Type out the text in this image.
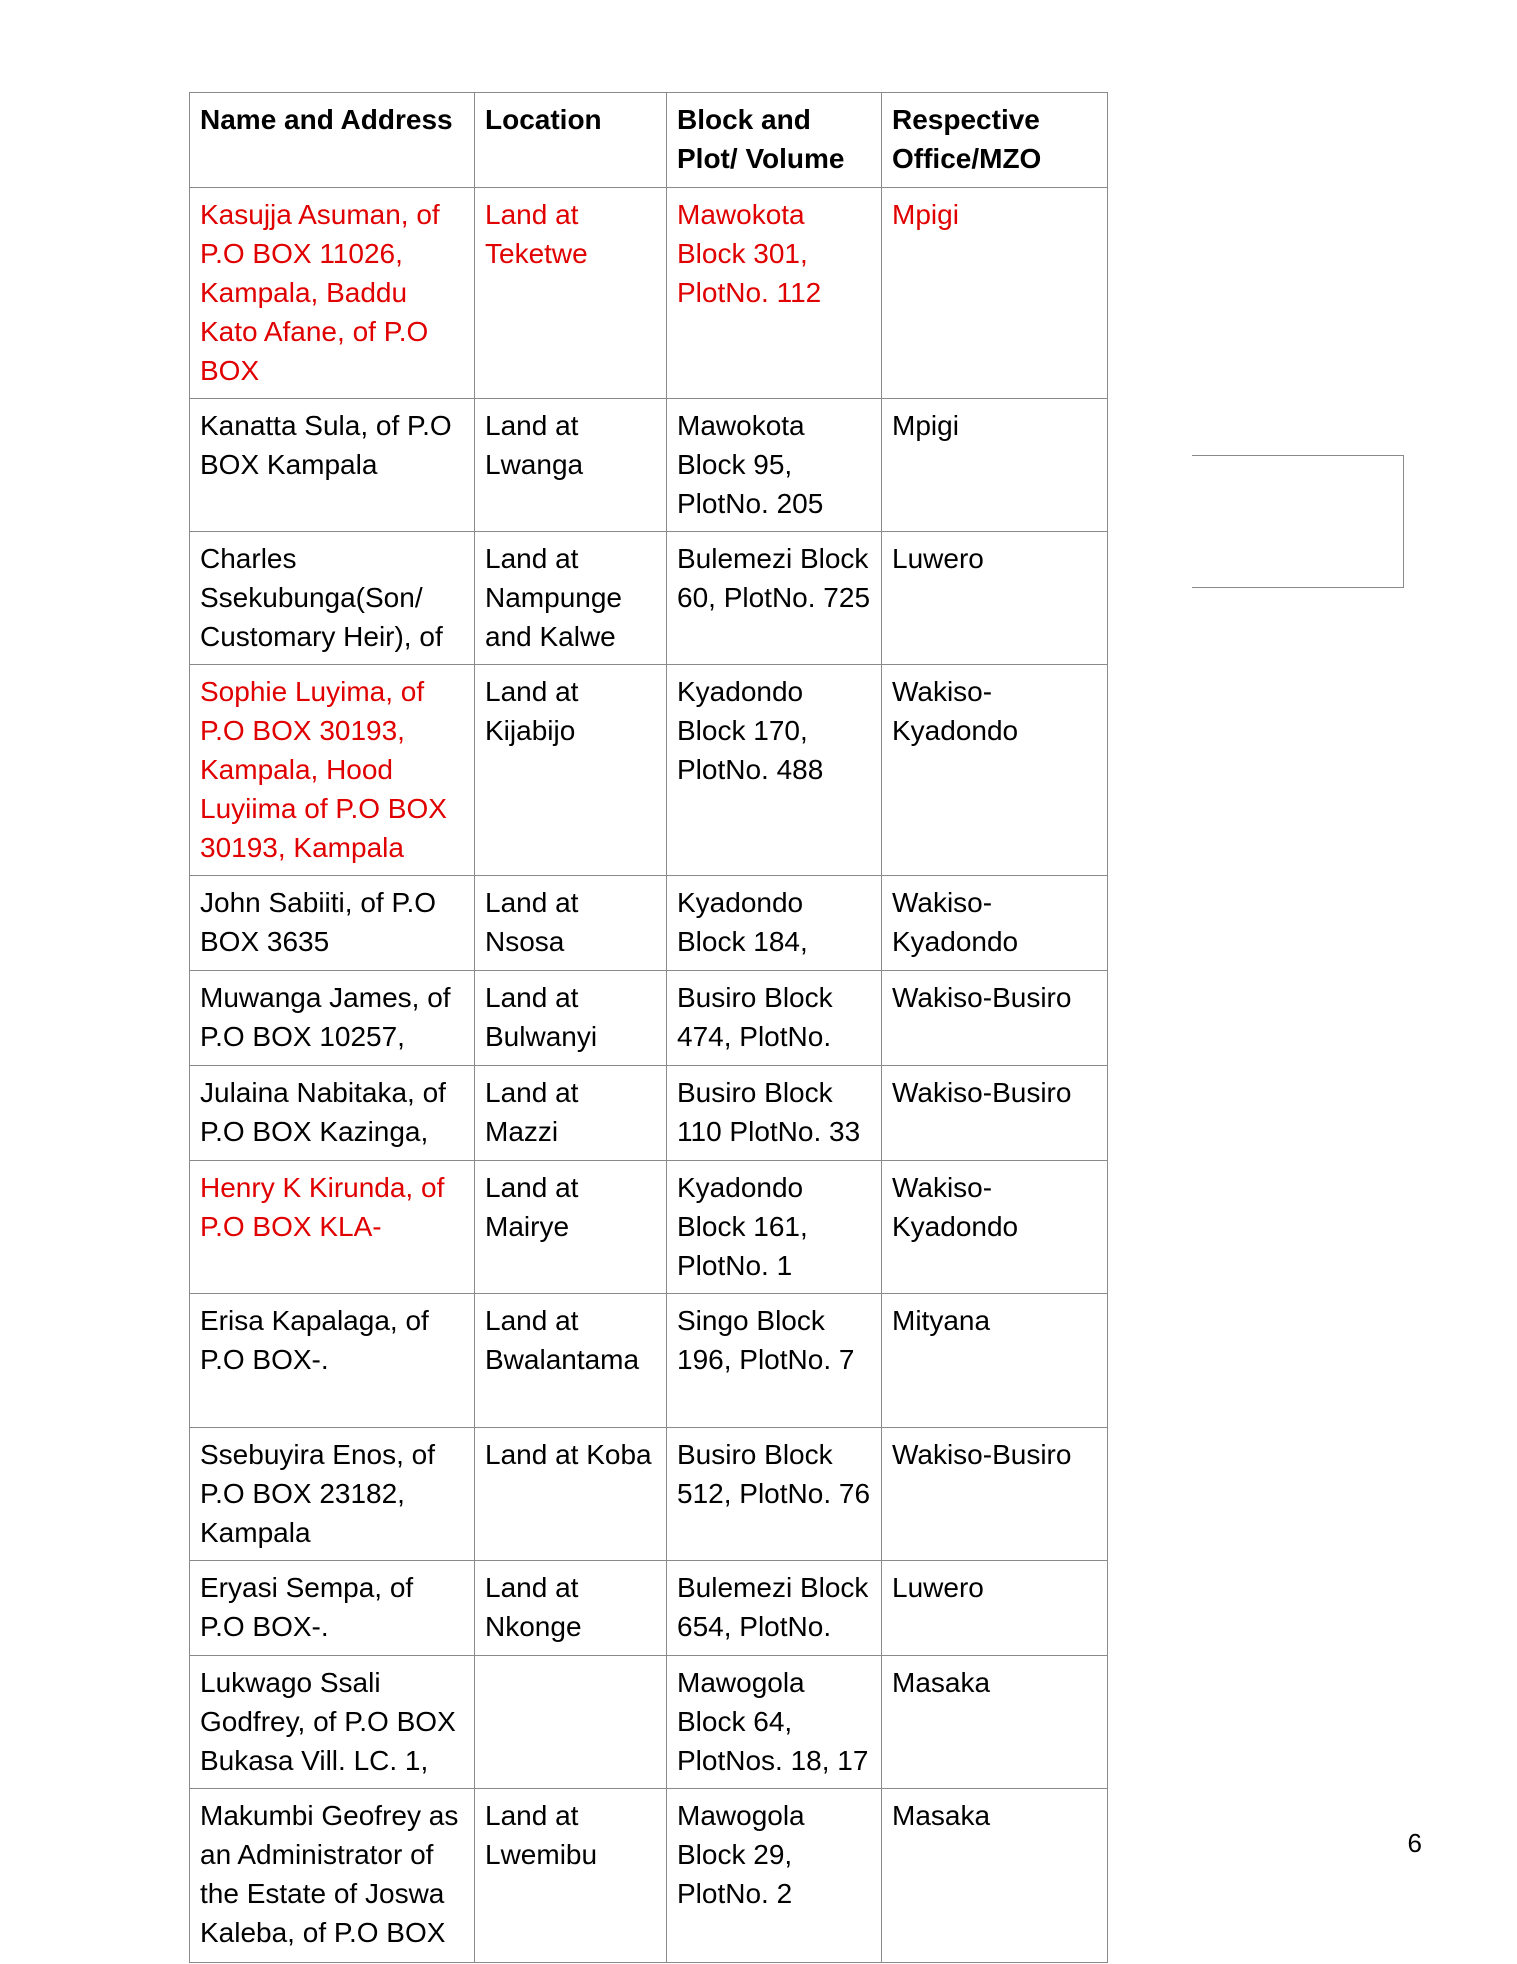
Name and Address	Location	Block and Plot/ Volume	Respective Office/MZO
Kasujja Asuman, of P.O BOX 11026, Kampala, Baddu Kato Afane, of P.O BOX	Land at Teketwe	Mawokota Block 301, PlotNo. 112	Mpigi
Kanatta Sula, of P.O BOX Kampala	Land at Lwanga	Mawokota Block 95, PlotNo. 205	Mpigi

Charles Ssekubunga(Son/ Customary Heir), of	Land at Nampunge and Kalwe	Bulemezi Block 60, PlotNo. 725	Luwero
Sophie Luyima, of P.O BOX 30193, Kampala, Hood Luyiima of P.O BOX 30193, Kampala	Land at Kijabijo	Kyadondo Block 170, PlotNo. 488	Wakiso-Kyadondo
John Sabiiti, of P.O BOX 3635	Land at Nsosa	Kyadondo Block 184,	Wakiso-Kyadondo

Muwanga James, of P.O BOX 10257,	Land at Bulwanyi	Busiro Block 474, PlotNo.	Wakiso-Busiro

Julaina Nabitaka, of P.O BOX Kazinga,	Land at Mazzi	Busiro Block 110 PlotNo. 33	Wakiso-Busiro

Henry K Kirunda, of P.O BOX KLA-	Land at Mairye	Kyadondo Block 161, PlotNo. 1	Wakiso-Kyadondo
Erisa Kapalaga, of P.O BOX-.	Land at Bwalantama	Singo Block 196, PlotNo. 7	Mityana
Ssebuyira Enos, of P.O BOX 23182, Kampala	Land at Koba	Busiro Block 512, PlotNo. 76	Wakiso-Busiro
Eryasi Sempa, of P.O BOX-.	Land at Nkonge	Bulemezi Block 654, PlotNo.	Luwero
Lukwago Ssali Godfrey, of P.O BOX Bukasa Vill. LC. 1,		Mawogola Block 64, PlotNos. 18, 17	Masaka
Makumbi Geofrey as an Administrator of the Estate of Joswa Kaleba, of P.O BOX	Land at Lwemibu	Mawogola Block 29, PlotNo. 2	Masaka
6
